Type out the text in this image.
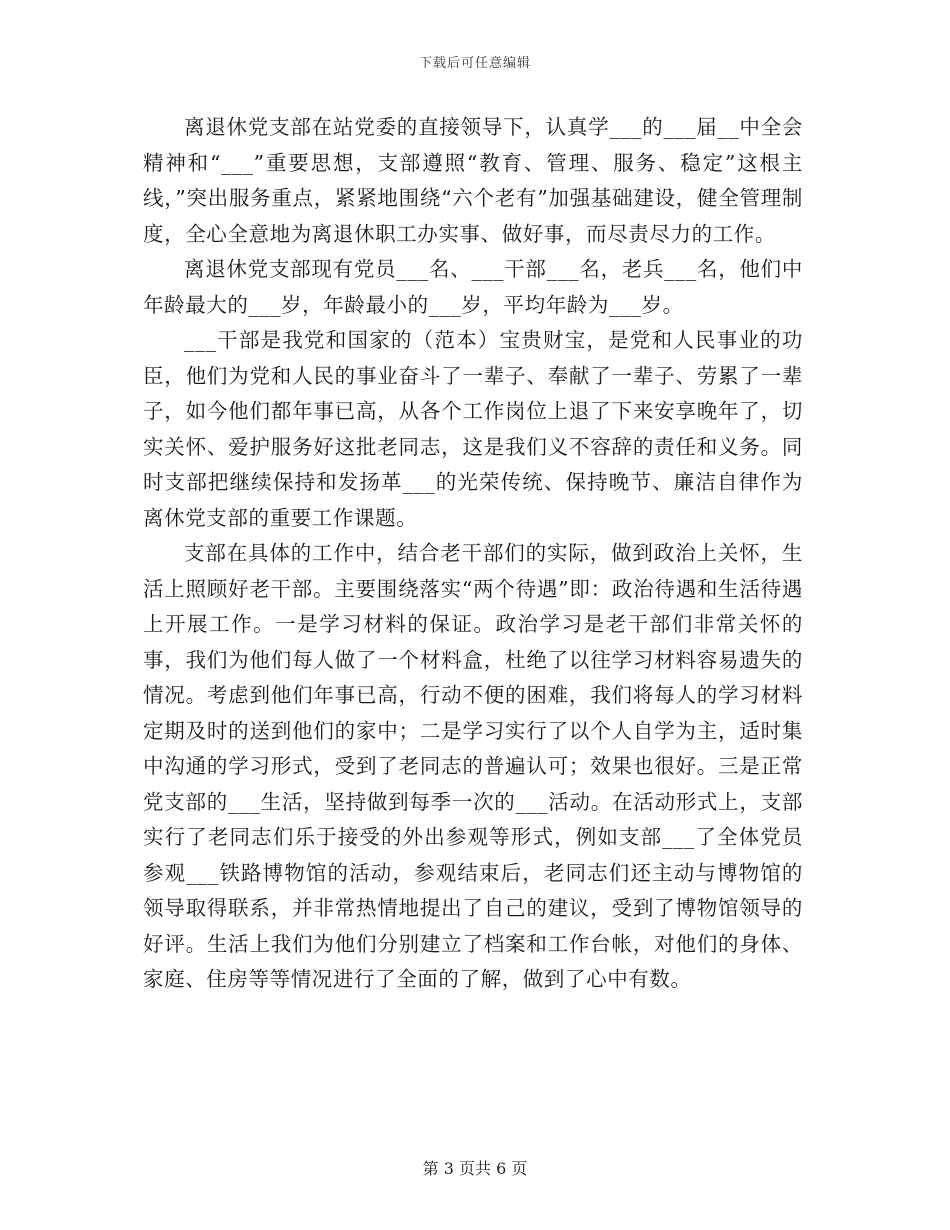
下载后可任意编辑

离退休党支部在站党委的直接领导下，认真学___的___届__中全会精神和“___”重要思想，支部遵照“教育、管理、服务、稳定”这根主线，”突出服务重点，紧紧地围绕“六个老有”加强基础建设，健全管理制度，全心全意地为离退休职工办实事、做好事，而尽责尽力的工作。

离退休党支部现有党员___名、___干部___名，老兵___名，他们中年龄最大的___岁，年龄最小的___岁，平均年龄为___岁。

___干部是我党和国家的（范本）宝贵财宝，是党和人民事业的功臣，他们为党和人民的事业奋斗了一辈子、奉献了一辈子、劳累了一辈子，如今他们都年事已高，从各个工作岗位上退了下来安享晚年了，切实关怀、爱护服务好这批老同志，这是我们义不容辞的责任和义务。同时支部把继续保持和发扬革___的光荣传统、保持晚节、廉洁自律作为离休党支部的重要工作课题。

支部在具体的工作中，结合老干部们的实际，做到政治上关怀，生活上照顾好老干部。主要围绕落实“两个待遇”即：政治待遇和生活待遇上开展工作。一是学习材料的保证。政治学习是老干部们非常关怀的事，我们为他们每人做了一个材料盒，杜绝了以往学习材料容易遗失的情况。考虑到他们年事已高，行动不便的困难，我们将每人的学习材料定期及时的送到他们的家中；二是学习实行了以个人自学为主，适时集中沟通的学习形式，受到了老同志的普遍认可；效果也很好。三是正常党支部的___生活，坚持做到每季一次的___活动。在活动形式上，支部实行了老同志们乐于接受的外出参观等形式，例如支部___了全体党员参观___铁路博物馆的活动，参观结束后，老同志们还主动与博物馆的领导取得联系，并非常热情地提出了自己的建议，受到了博物馆领导的好评。生活上我们为他们分别建立了档案和工作台帐，对他们的身体、家庭、住房等等情况进行了全面的了解，做到了心中有数。

第 3 页共 6 页
